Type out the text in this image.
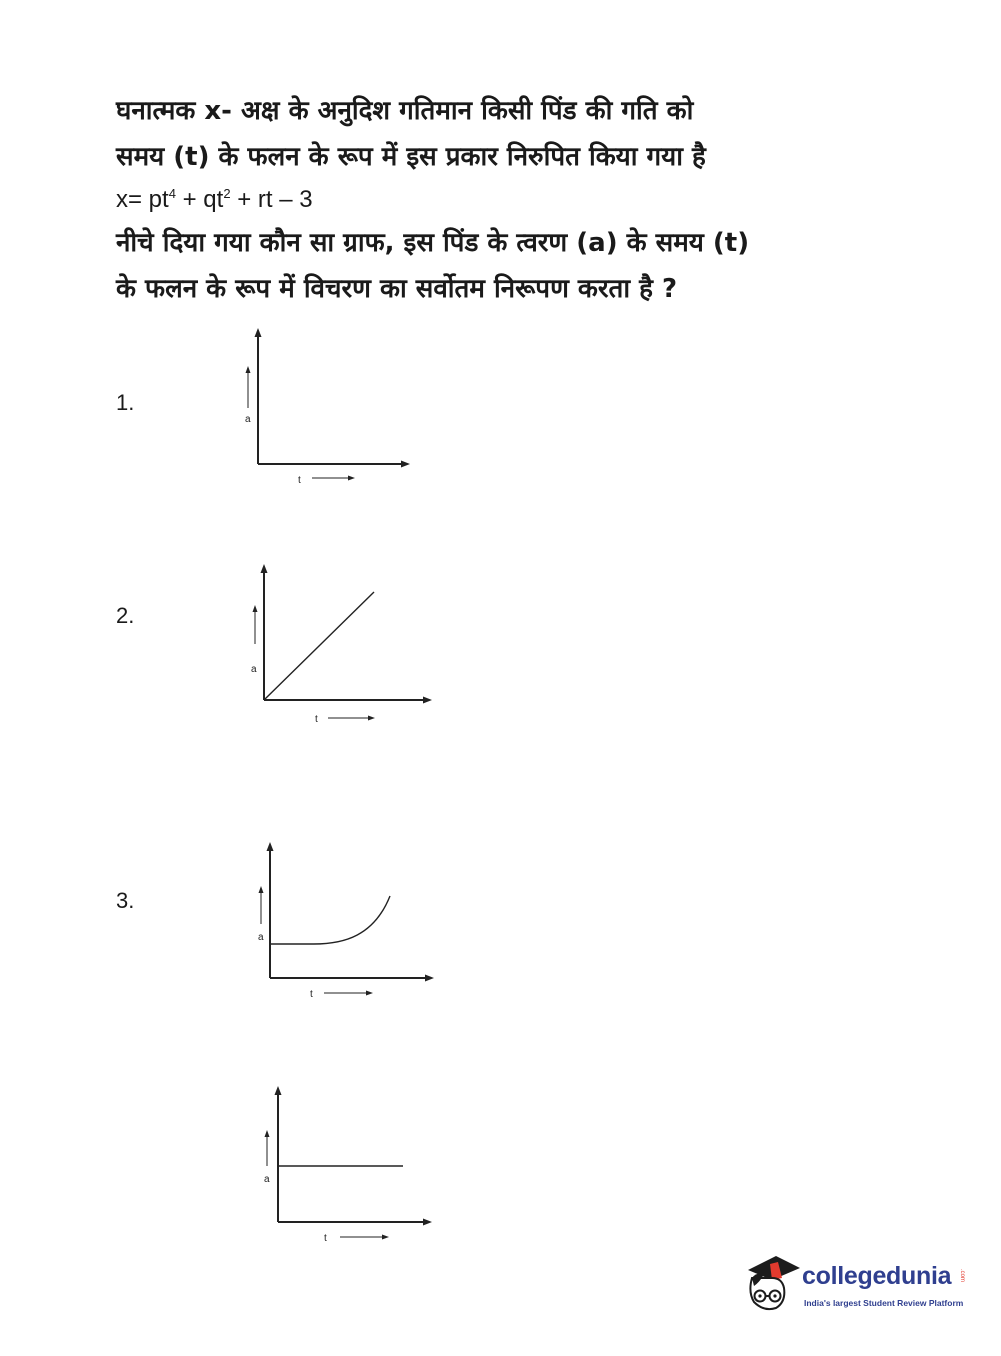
घनात्मक x- अक्ष के अनुदिश गतिमान किसी पिंड की गति को
समय (t) के फलन के रूप में इस प्रकार निरुपित किया गया है
$x= pt^4 + qt^2$ + rt – 3
नीचे दिया गया कौन सा ग्राफ, इस पिंड के त्वरण (a) के समय (t)
के फलन के रूप में विचरण का सर्वोतम निरूपण करता है ?
1.
a
t
2.
a
t
3.
a
t
a
t
collegedunia .com
India's largest Student Review Platform
